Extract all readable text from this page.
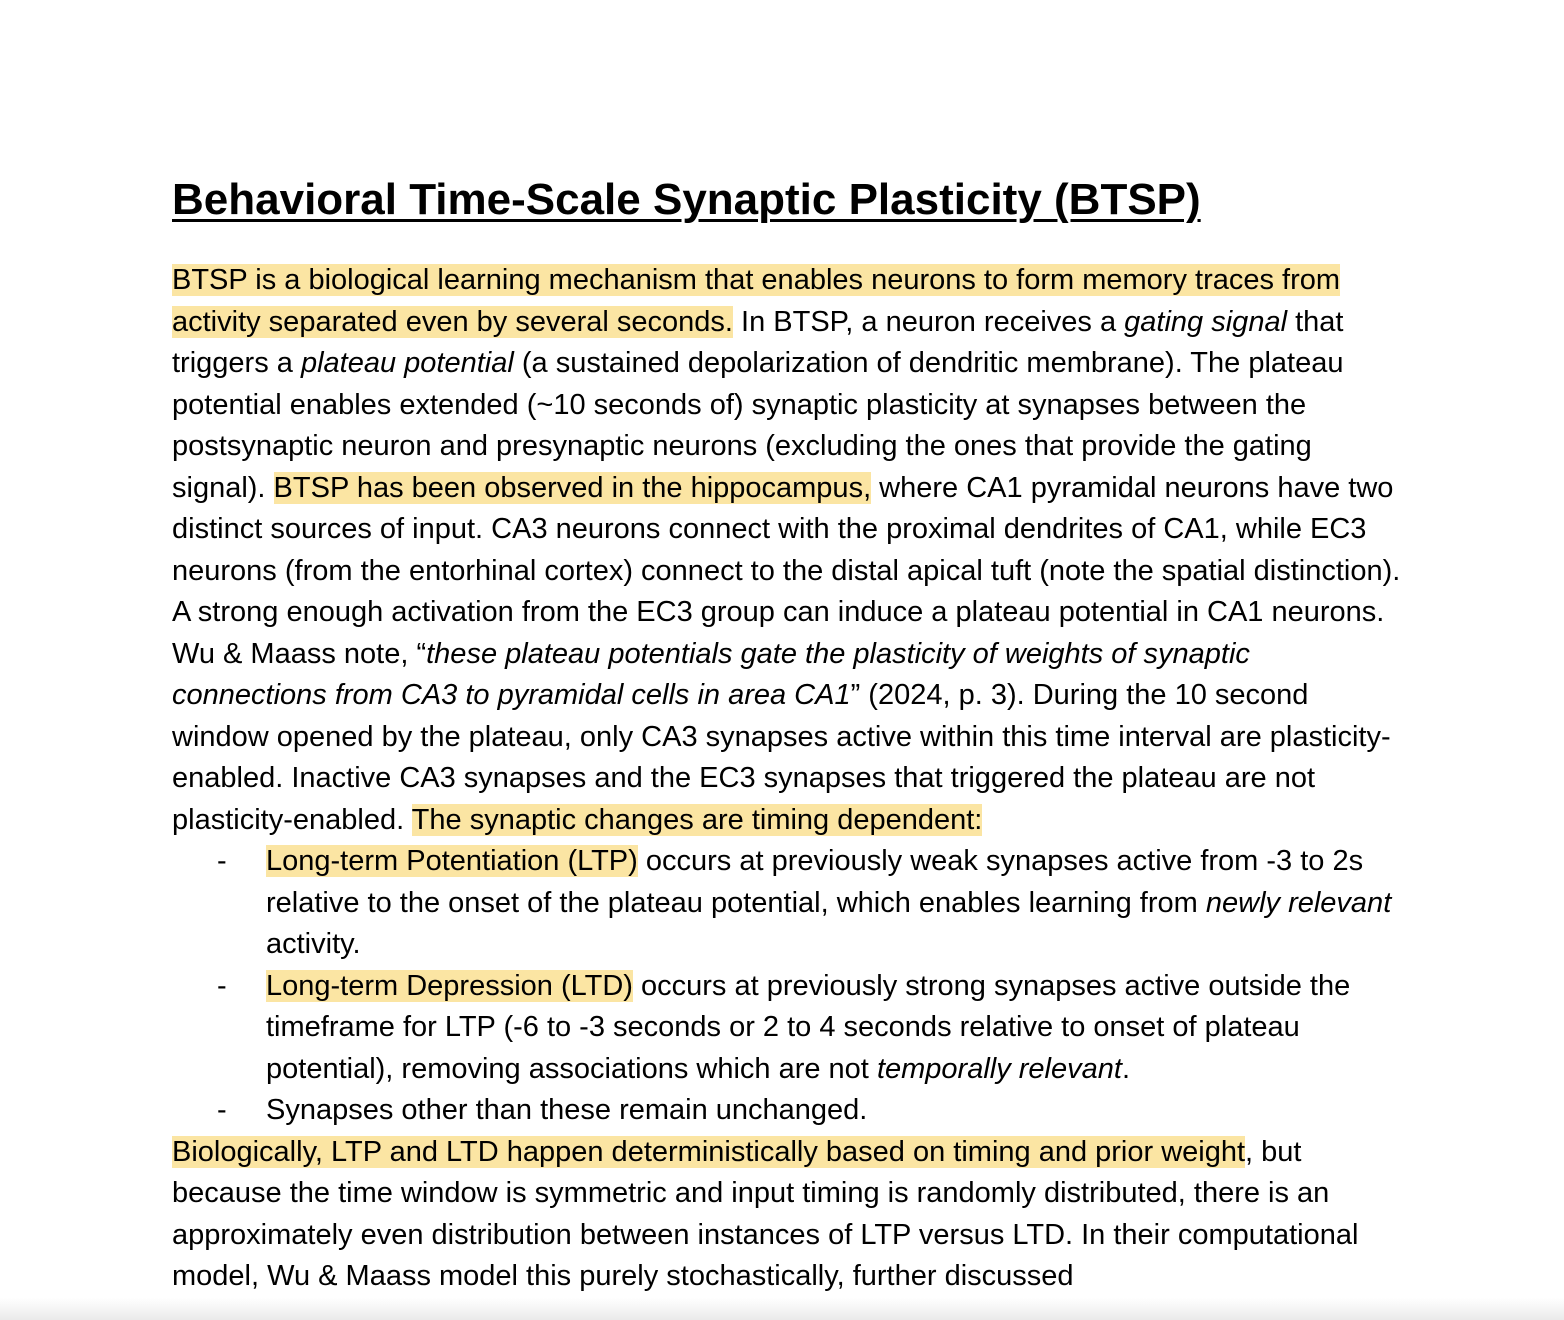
Behavioral Time-Scale Synaptic Plasticity (BTSP)

BTSP is a biological learning mechanism that enables neurons to form memory traces from activity separated even by several seconds. In BTSP, a neuron receives a gating signal that triggers a plateau potential (a sustained depolarization of dendritic membrane). The plateau potential enables extended (~10 seconds of) synaptic plasticity at synapses between the postsynaptic neuron and presynaptic neurons (excluding the ones that provide the gating signal). BTSP has been observed in the hippocampus, where CA1 pyramidal neurons have two distinct sources of input. CA3 neurons connect with the proximal dendrites of CA1, while EC3 neurons (from the entorhinal cortex) connect to the distal apical tuft (note the spatial distinction). A strong enough activation from the EC3 group can induce a plateau potential in CA1 neurons. Wu & Maass note, “these plateau potentials gate the plasticity of weights of synaptic connections from CA3 to pyramidal cells in area CA1” (2024, p. 3). During the 10 second window opened by the plateau, only CA3 synapses active within this time interval are plasticity-enabled. Inactive CA3 synapses and the EC3 synapses that triggered the plateau are not plasticity-enabled. The synaptic changes are timing dependent:

- Long-term Potentiation (LTP) occurs at previously weak synapses active from -3 to 2s relative to the onset of the plateau potential, which enables learning from newly relevant activity.
- Long-term Depression (LTD) occurs at previously strong synapses active outside the timeframe for LTP (-6 to -3 seconds or 2 to 4 seconds relative to onset of plateau potential), removing associations which are not temporally relevant.
- Synapses other than these remain unchanged.

Biologically, LTP and LTD happen deterministically based on timing and prior weight, but because the time window is symmetric and input timing is randomly distributed, there is an approximately even distribution between instances of LTP versus LTD. In their computational model, Wu & Maass model this purely stochastically, further discussed
